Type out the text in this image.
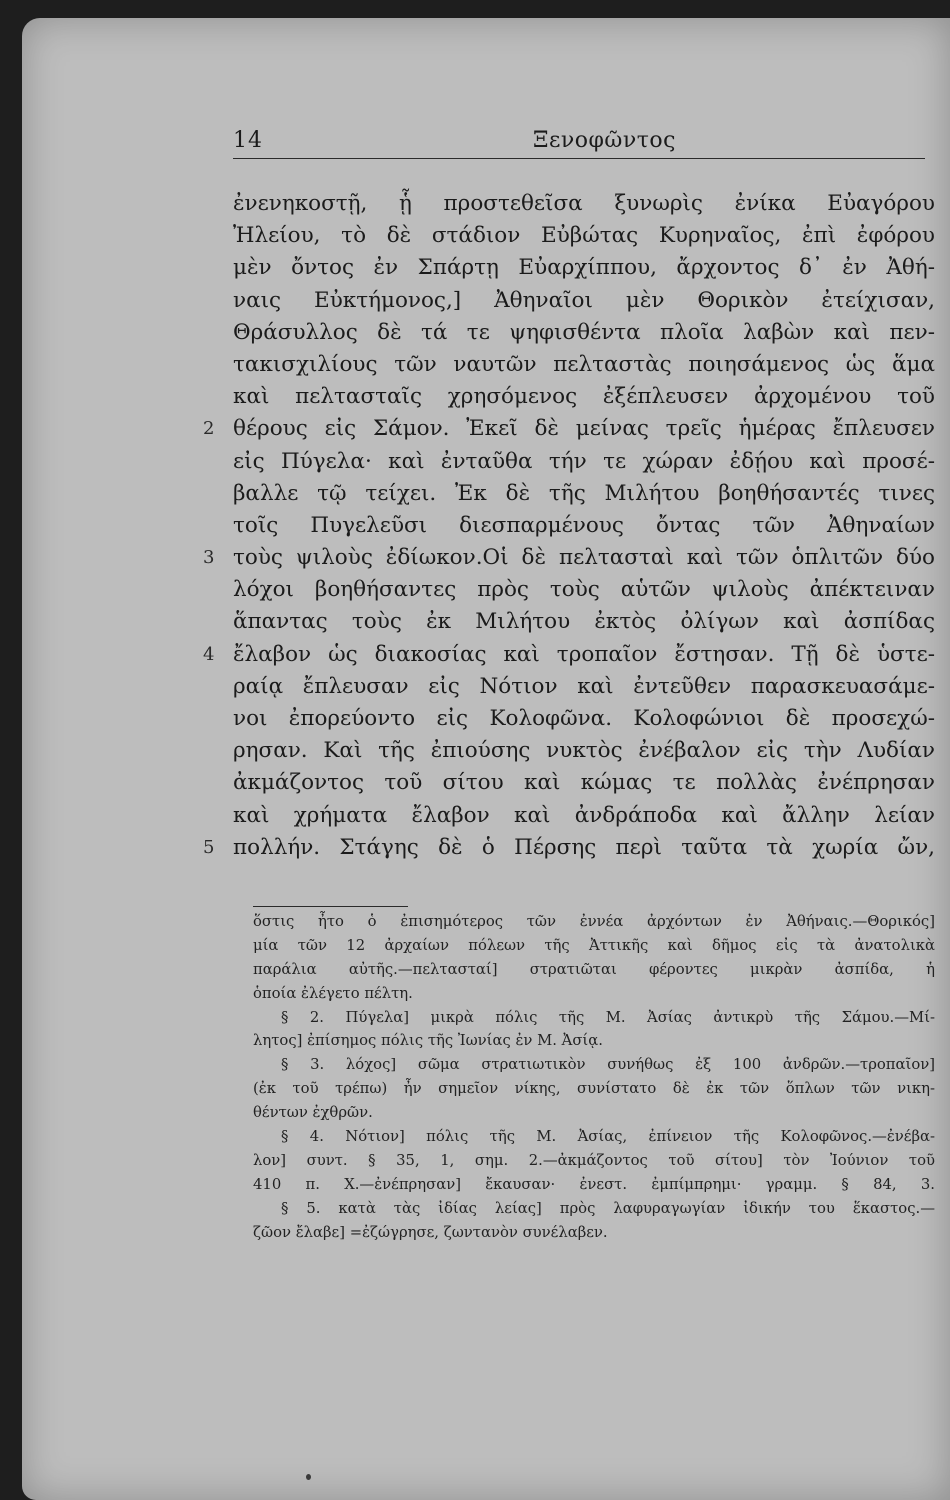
14	Ξενοφῶντος
ἐνενηκοστῇ, ᾗ προστεθεῖσα ξυνωρὶς ἐνίκα Εὐαγόρου
Ἠλείου, τὸ δὲ στάδιον Εὐβώτας Κυρηναῖος, ἐπὶ ἐφόρου
μὲν ὄντος ἐν Σπάρτῃ Εὐαρχίππου, ἄρχοντος δ᾽ ἐν Ἀθή-
ναις Εὐκτήμονος,] Ἀθηναῖοι μὲν Θορικὸν ἐτείχισαν,
Θράσυλλος δὲ τά τε ψηφισθέντα πλοῖα λαβὼν καὶ πεν-
τακισχιλίους τῶν ναυτῶν πελταστὰς ποιησάμενος ὡς ἅμα
καὶ πελτασταῖς χρησόμενος ἐξέπλευσεν ἀρχομένου τοῦ
2 θέρους εἰς Σάμον. Ἐκεῖ δὲ μείνας τρεῖς ἡμέρας ἔπλευσεν
εἰς Πύγελα· καὶ ἐνταῦθα τήν τε χώραν ἐδῄου καὶ προσέ-
βαλλε τῷ τείχει. Ἐκ δὲ τῆς Μιλήτου βοηθήσαντές τινες
τοῖς Πυγελεῦσι διεσπαρμένους ὄντας τῶν Ἀθηναίων
3 τοὺς ψιλοὺς ἐδίωκον.Οἱ δὲ πελτασταὶ καὶ τῶν ὁπλιτῶν δύο
λόχοι βοηθήσαντες πρὸς τοὺς αὑτῶν ψιλοὺς ἀπέκτειναν
ἅπαντας τοὺς ἐκ Μιλήτου ἐκτὸς ὀλίγων καὶ ἀσπίδας
4 ἔλαβον ὡς διακοσίας καὶ τροπαῖον ἔστησαν. Τῇ δὲ ὑστε-
ραίᾳ ἔπλευσαν εἰς Νότιον καὶ ἐντεῦθεν παρασκευασάμε-
νοι ἐπορεύοντο εἰς Κολοφῶνα. Κολοφώνιοι δὲ προσεχώ-
ρησαν. Καὶ τῆς ἐπιούσης νυκτὸς ἐνέβαλον εἰς τὴν Λυδίαν
ἀκμάζοντος τοῦ σίτου καὶ κώμας τε πολλὰς ἐνέπρησαν
καὶ χρήματα ἔλαβον καὶ ἀνδράποδα καὶ ἄλλην λείαν
5 πολλήν. Στάγης δὲ ὁ Πέρσης περὶ ταῦτα τὰ χωρία ὤν,
ὅστις ἦτο ὁ ἐπισημότερος τῶν ἐννέα ἀρχόντων ἐν Ἀθήναις.—Θορικός]
μία τῶν 12 ἀρχαίων πόλεων τῆς Ἀττικῆς καὶ δῆμος εἰς τὰ ἀνατολικὰ
παράλια αὐτῆς.—πελτασταί] στρατιῶται φέροντες μικρὰν ἀσπίδα, ἡ
ὁποία ἐλέγετο πέλτη.
§ 2. Πύγελα] μικρὰ πόλις τῆς Μ. Ἀσίας ἀντικρὺ τῆς Σάμου.—Μί-
λητος] ἐπίσημος πόλις τῆς Ἰωνίας ἐν Μ. Ἀσίᾳ.
§ 3. λόχος] σῶμα στρατιωτικὸν συνήθως ἐξ 100 ἀνδρῶν.—τροπαῖον]
(ἐκ τοῦ τρέπω) ἦν σημεῖον νίκης, συνίστατο δὲ ἐκ τῶν ὅπλων τῶν νικη-
θέντων ἐχθρῶν.
§ 4. Νότιον] πόλις τῆς Μ. Ἀσίας, ἐπίνειον τῆς Κολοφῶνος.—ἐνέβα-
λον] συντ. § 35, 1, σημ. 2.—ἀκμάζοντος τοῦ σίτου] τὸν Ἰούνιον τοῦ
410 π. Χ.—ἐνέπρησαν] ἔκαυσαν· ἐνεστ. ἐμπίμπρημι· γραμμ. § 84, 3.
§ 5. κατὰ τὰς ἰδίας λείας] πρὸς λαφυραγωγίαν ἰδικήν του ἕκαστος.—
ζῶον ἔλαβε] =ἐζώγρησε, ζωντανὸν συνέλαβεν.
